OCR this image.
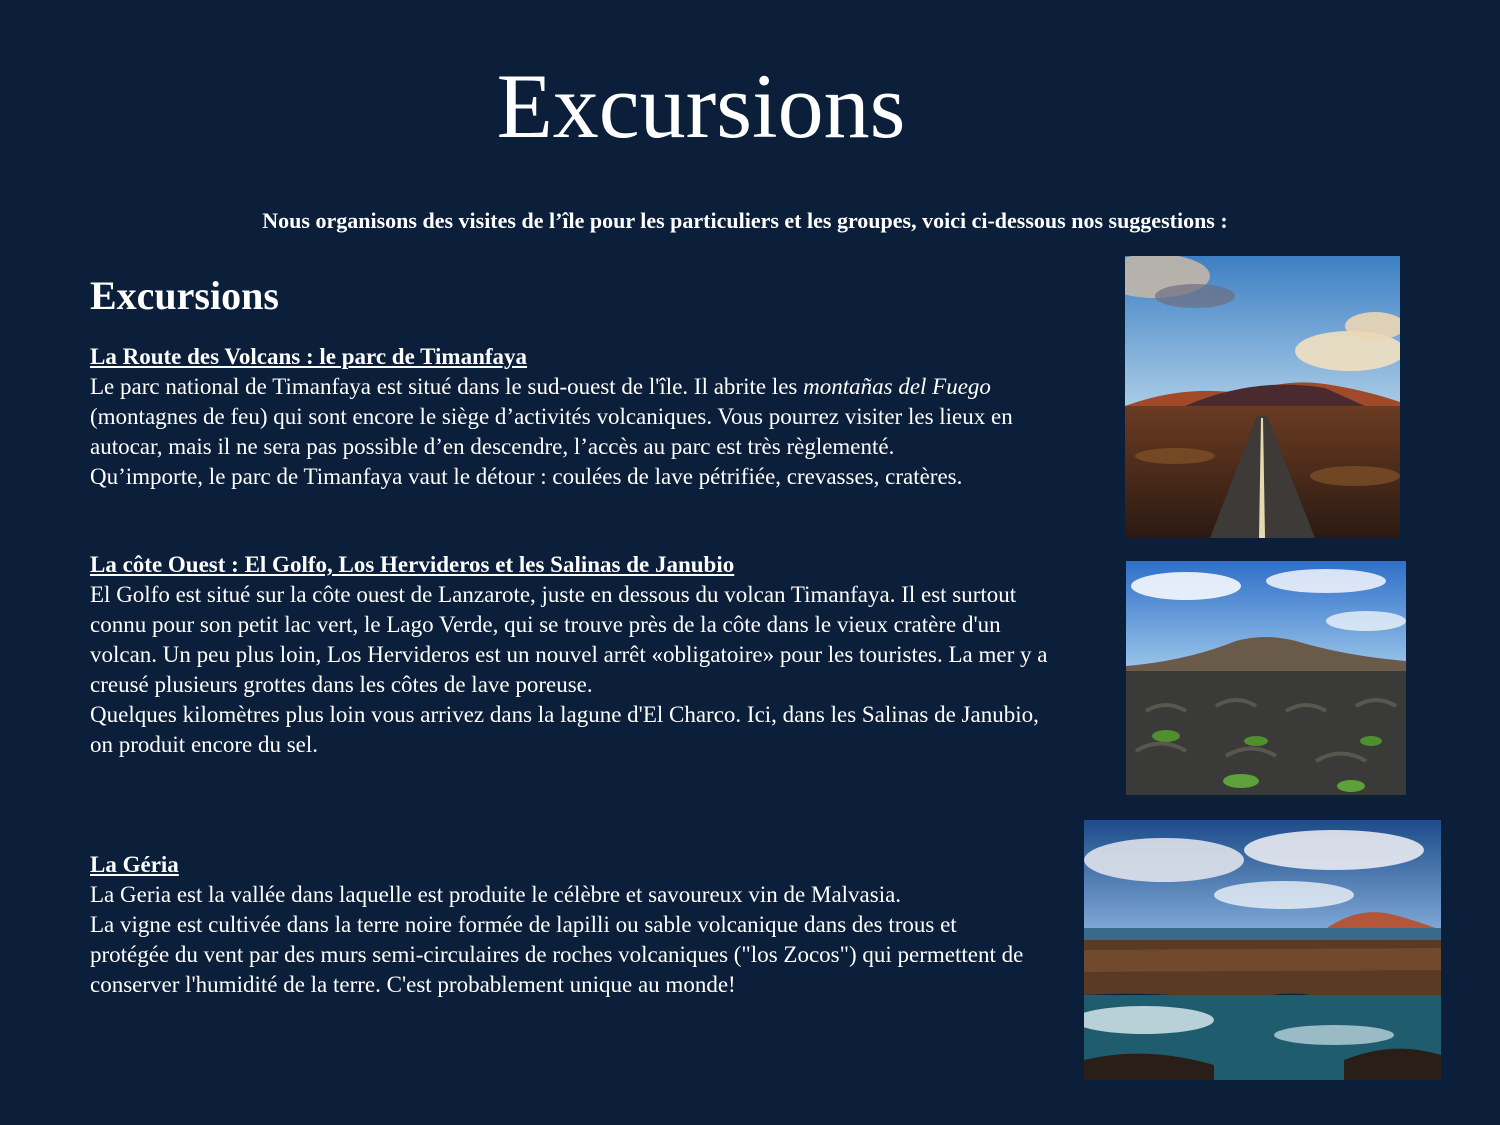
Excursions

Nous organisons des visites de l’île pour les particuliers et les groupes, voici ci-dessous nos suggestions :

Excursions
La Route des Volcans : le parc de Timanfaya

Le parc national de Timanfaya est situé dans le sud-ouest de l'île. Il abrite les montañas del Fuego (montagnes de feu) qui sont encore le siège d’activités volcaniques. Vous pourrez visiter les lieux en autocar, mais il ne sera pas possible d’en descendre, l’accès au parc est très règlementé.

Qu’importe, le parc de Timanfaya vaut le détour : coulées de lave pétrifiée, crevasses, cratères.

La côte Ouest : El Golfo, Los Hervideros et les Salinas de Janubio

El Golfo est situé sur la côte ouest de Lanzarote, juste en dessous du volcan Timanfaya. Il est surtout connu pour son petit lac vert, le Lago Verde, qui se trouve près de la côte dans le vieux cratère d'un volcan. Un peu plus loin, Los Hervideros est un nouvel arrêt «obligatoire» pour les touristes. La mer y a creusé plusieurs grottes dans les côtes de lave poreuse.

Quelques kilomètres plus loin vous arrivez dans la lagune d'El Charco. Ici, dans les Salinas de Janubio, on produit encore du sel.

La Géria

La Geria est la vallée dans laquelle est produite le célèbre et savoureux vin de Malvasia.

La vigne est cultivée dans la terre noire formée de lapilli ou sable volcanique dans des trous et protégée du vent par des murs semi-circulaires de roches volcaniques ("los Zocos") qui permettent de conserver l'humidité de la terre. C'est probablement unique au monde!
